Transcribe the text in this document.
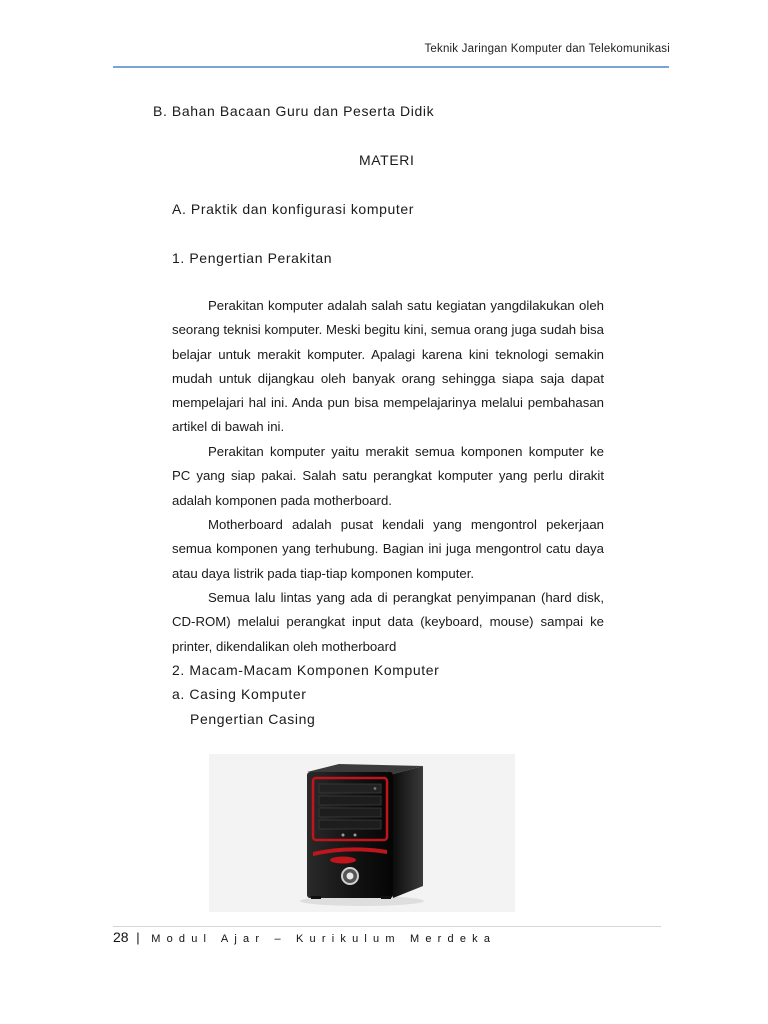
Teknik Jaringan Komputer dan Telekomunikasi
B. Bahan Bacaan Guru dan Peserta Didik
MATERI
A. Praktik dan konfigurasi komputer
1. Pengertian Perakitan

Perakitan komputer adalah salah satu kegiatan yangdilakukan oleh seorang teknisi komputer. Meski begitu kini, semua orang juga sudah bisa belajar untuk merakit komputer. Apalagi karena kini teknologi semakin mudah untuk dijangkau oleh banyak orang sehingga siapa saja dapat mempelajari hal ini. Anda pun bisa mempelajarinya melalui pembahasan artikel di bawah ini.

Perakitan komputer yaitu merakit semua komponen komputer ke PC yang siap pakai. Salah satu perangkat komputer yang perlu dirakit adalah komponen pada motherboard.

Motherboard adalah pusat kendali yang mengontrol pekerjaan semua komponen yang terhubung. Bagian ini juga mengontrol catu daya atau daya listrik pada tiap-tiap komponen komputer.

Semua lalu lintas yang ada di perangkat penyimpanan (hard disk, CD-ROM) melalui perangkat input data (keyboard, mouse) sampai ke printer, dikendalikan oleh motherboard

2. Macam-Macam Komponen Komputer
a. Casing Komputer
Pengertian Casing
28 | Modul Ajar – Kurikulum Merdeka
